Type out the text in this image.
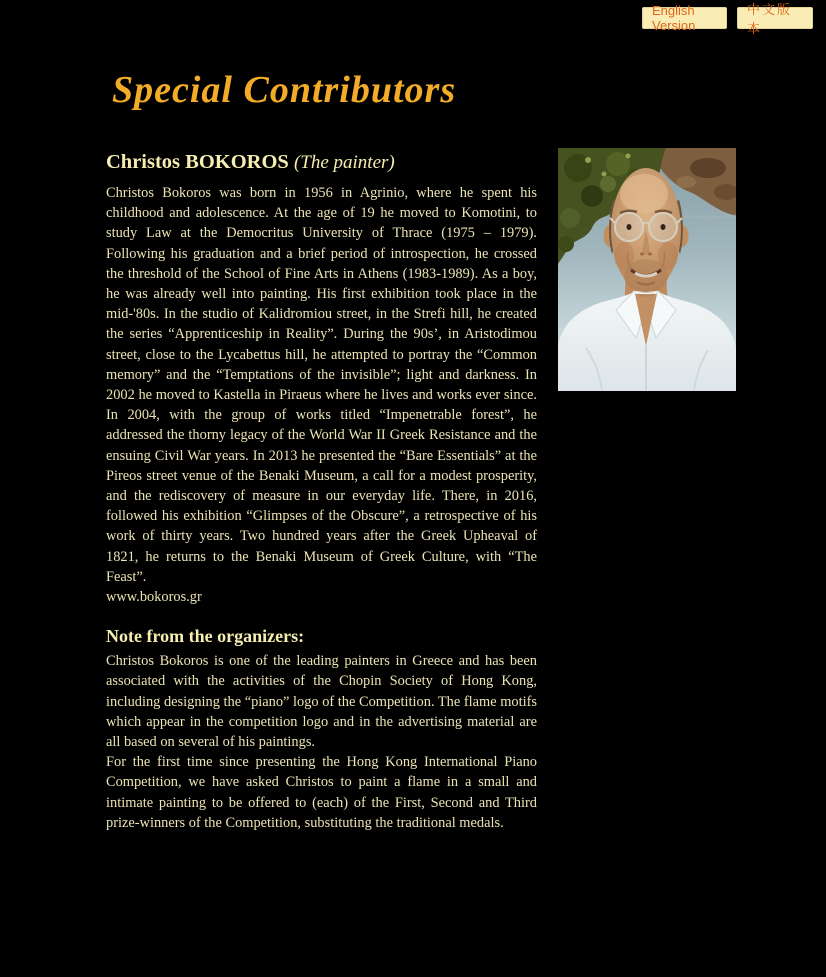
English Version
中文版本
Special Contributors
Christos BOKOROS (The painter)

Christos Bokoros was born in 1956 in Agrinio, where he spent his childhood and adolescence. At the age of 19 he moved to Komotini, to study Law at the Democritus University of Thrace (1975 – 1979). Following his graduation and a brief period of introspection, he crossed the threshold of the School of Fine Arts in Athens (1983-1989). As a boy, he was already well into painting. His first exhibition took place in the mid-'80s. In the studio of Kalidromiou street, in the Strefi hill, he created the series “Apprenticeship in Reality”. During the 90s’, in Aristodimou street, close to the Lycabettus hill, he attempted to portray the “Common memory” and the “Temptations of the invisible”; light and darkness. In 2002 he moved to Kastella in Piraeus where he lives and works ever since. In 2004, with the group of works titled “Impenetrable forest”, he addressed the thorny legacy of the World War II Greek Resistance and the ensuing Civil War years. In 2013 he presented the “Bare Essentials” at the Pireos street venue of the Benaki Museum, a call for a modest prosperity, and the rediscovery of measure in our everyday life. There, in 2016, followed his exhibition “Glimpses of the Obscure”, a retrospective of his work of thirty years. Two hundred years after the Greek Upheaval of 1821, he returns to the Benaki Museum of Greek Culture, with “The Feast”.

www.bokoros.gr
Note from the organizers:

Christos Bokoros is one of the leading painters in Greece and has been associated with the activities of the Chopin Society of Hong Kong, including designing the “piano” logo of the Competition. The flame motifs which appear in the competition logo and in the advertising material are all based on several of his paintings.

For the first time since presenting the Hong Kong International Piano Competition, we have asked Christos to paint a flame in a small and intimate painting to be offered to (each) of the First, Second and Third prize-winners of the Competition, substituting the traditional medals.
